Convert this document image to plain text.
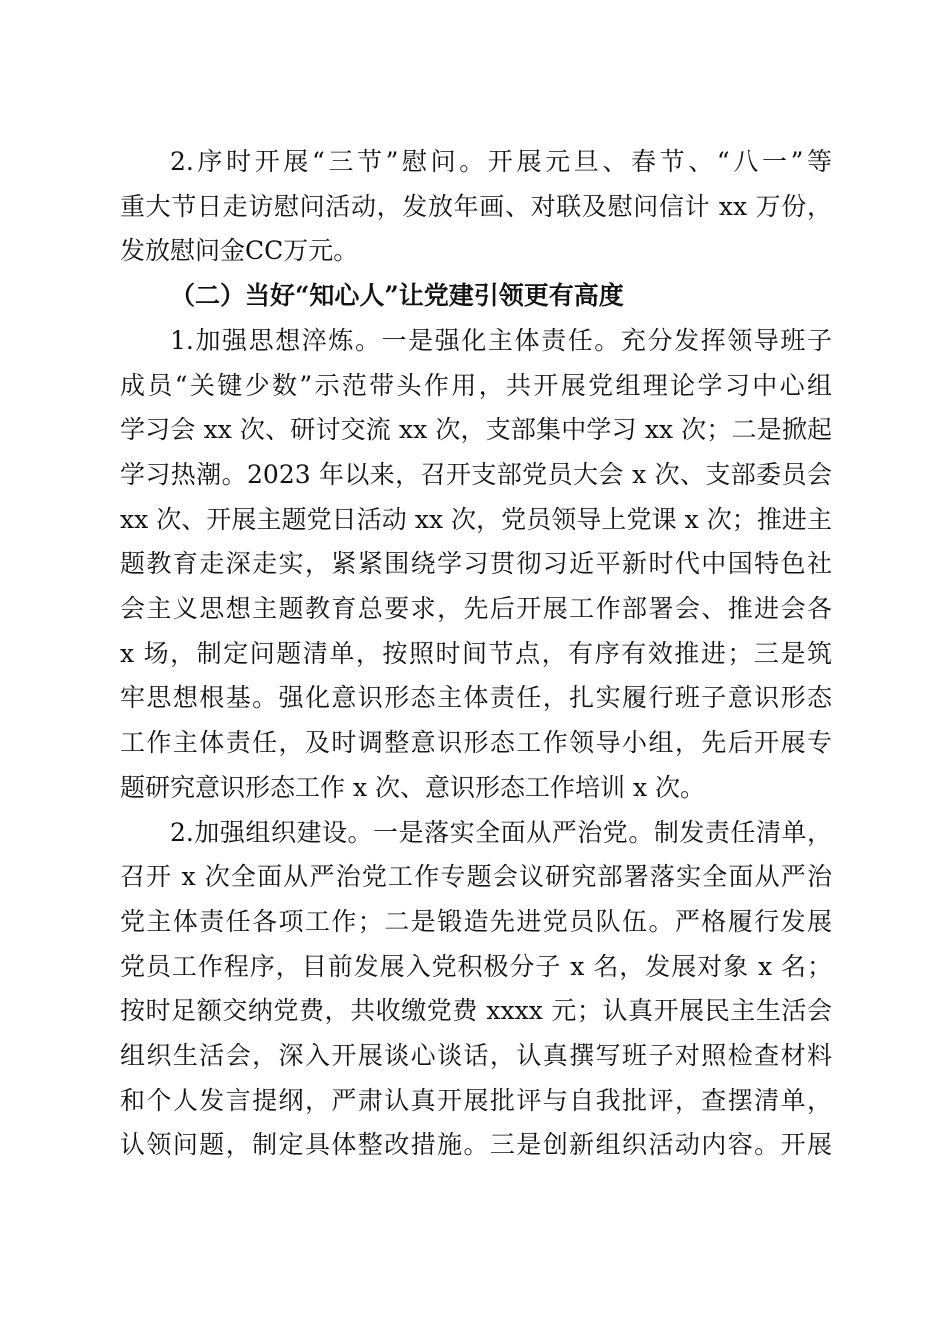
2.序时开展“三节”慰问。开展元旦、春节、“八一”等
重大节日走访慰问活动，发放年画、对联及慰问信计 xx 万份，
发放慰问金CC万元。
（二）当好“知心人”让党建引领更有高度
1.加强思想淬炼。一是强化主体责任。充分发挥领导班子
成员“关键少数”示范带头作用，共开展党组理论学习中心组
学习会 xx 次、研讨交流 xx 次，支部集中学习 xx 次；二是掀起
学习热潮。2023 年以来，召开支部党员大会 x 次、支部委员会
xx 次、开展主题党日活动 xx 次，党员领导上党课 x 次；推进主
题教育走深走实，紧紧围绕学习贯彻习近平新时代中国特色社
会主义思想主题教育总要求，先后开展工作部署会、推进会各
x 场，制定问题清单，按照时间节点，有序有效推进；三是筑
牢思想根基。强化意识形态主体责任，扎实履行班子意识形态
工作主体责任，及时调整意识形态工作领导小组，先后开展专
题研究意识形态工作 x 次、意识形态工作培训 x 次。
2.加强组织建设。一是落实全面从严治党。制发责任清单，
召开 x 次全面从严治党工作专题会议研究部署落实全面从严治
党主体责任各项工作；二是锻造先进党员队伍。严格履行发展
党员工作程序，目前发展入党积极分子 x 名，发展对象 x 名；
按时足额交纳党费，共收缴党费 xxxx 元；认真开展民主生活会
组织生活会，深入开展谈心谈话，认真撰写班子对照检查材料
和个人发言提纲，严肃认真开展批评与自我批评，查摆清单，
认领问题，制定具体整改措施。三是创新组织活动内容。开展
